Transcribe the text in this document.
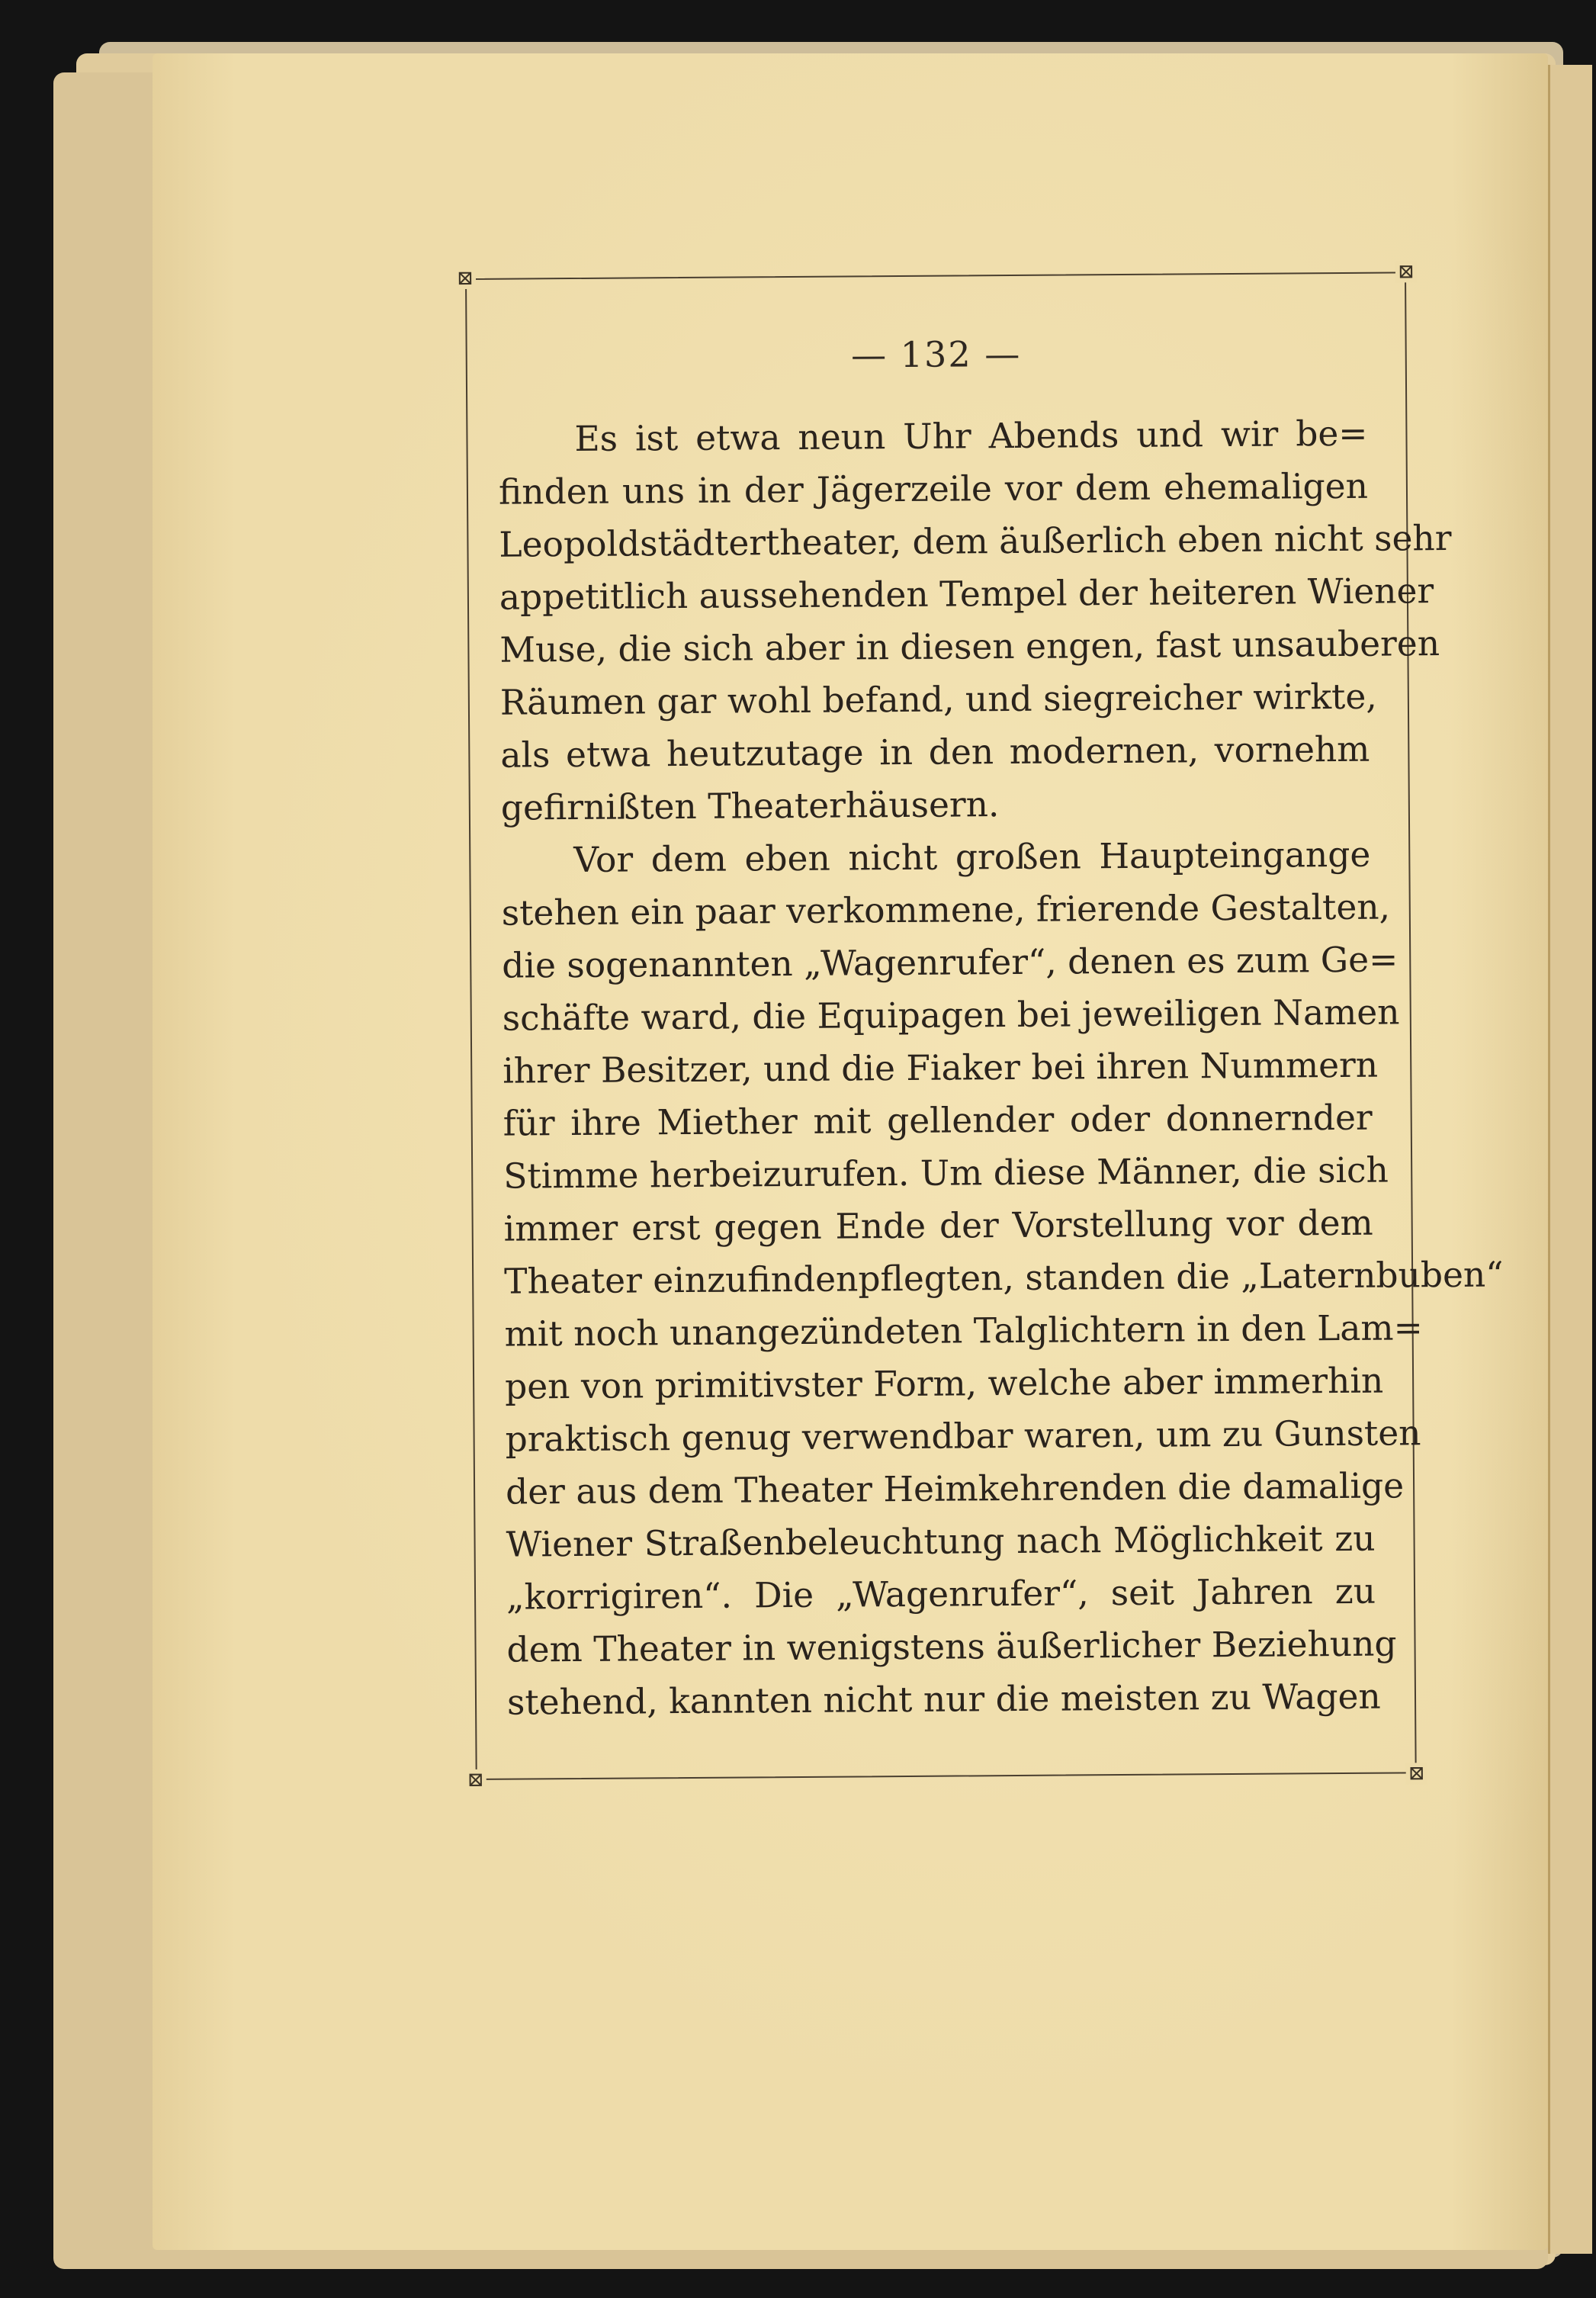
⊠	⊠
⊠	⊠
— 132 —
Es ist etwa neun Uhr Abends und wir be=
finden uns in der Jägerzeile vor dem ehemaligen
Leopoldstädtertheater, dem äußerlich eben nicht sehr
appetitlich aussehenden Tempel der heiteren Wiener
Muse, die sich aber in diesen engen, fast unsauberen
Räumen gar wohl befand, und siegreicher wirkte,
als etwa heutzutage in den modernen, vornehm
gefirnißten Theaterhäusern.
Vor dem eben nicht großen Haupteingange
stehen ein paar verkommene, frierende Gestalten,
die sogenannten „Wagenrufer“, denen es zum Ge=
schäfte ward, die Equipagen bei jeweiligen Namen
ihrer Besitzer, und die Fiaker bei ihren Nummern
für ihre Miether mit gellender oder donnernder
Stimme herbeizurufen. Um diese Männer, die sich
immer erst gegen Ende der Vorstellung vor dem
Theater einzufindenpflegten, standen die „Laternbuben“
mit noch unangezündeten Talglichtern in den Lam=
pen von primitivster Form, welche aber immerhin
praktisch genug verwendbar waren, um zu Gunsten
der aus dem Theater Heimkehrenden die damalige
Wiener Straßenbeleuchtung nach Möglichkeit zu
„korrigiren“. Die „Wagenrufer“, seit Jahren zu
dem Theater in wenigstens äußerlicher Beziehung
stehend, kannten nicht nur die meisten zu Wagen
